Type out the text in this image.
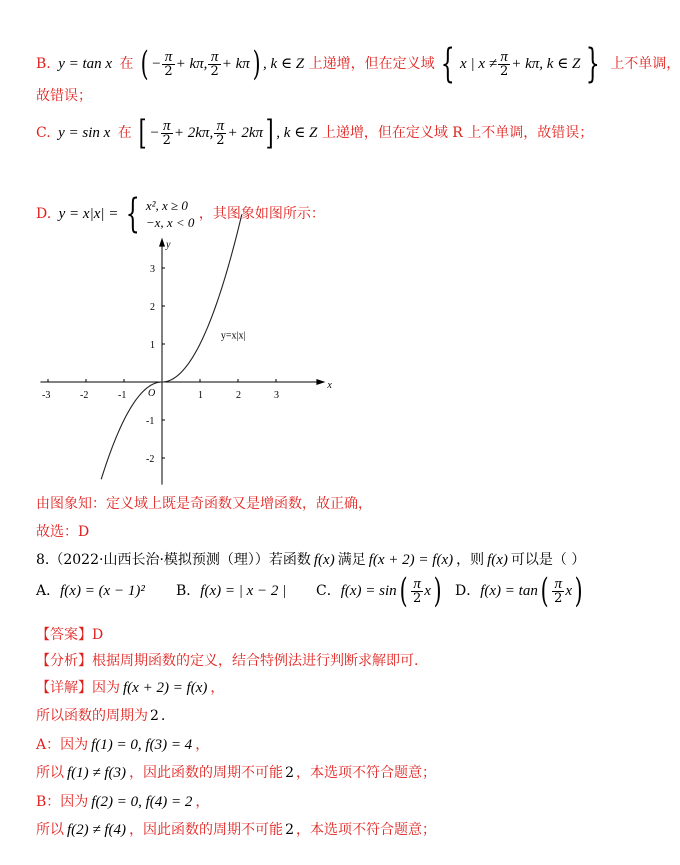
B. y = tan x 在 ( − $\frac{\pi}{2} + k\pi$, $\frac{\pi}{2} + k\pi$) , k ∈ Z 上递增，但在定义域 { x | $x \ne \frac{\pi}{2} + k\pi$, k ∈ Z } 上不单调，
故错误；
C. y = sin x 在 [ − $\frac{\pi}{2} + 2k\pi$, $\frac{\pi}{2} + 2k\pi$] , k ∈ Z 上递增，但在定义域 R 上不单调，故错误；
D. y = x|x| = { x², x ≥ 0
−x, x < 0
，其图象如图所示：
-3	-2	-1	1	2	3
3
2
1
-1
-2
x
y
O
y=x|x|
由图象知：定义域上既是奇函数又是增函数，故正确，
故选：D
8.（2022·山西长治·模拟预测（理））若函数 f(x) 满足 f(x + 2) = f(x) ，则 f(x) 可以是（ ）
A．f(x) = (x − 1)² B．f(x) = | x − 2 | C．$f(x) = \sin( \frac{\pi}{2} x)$ D．$f(x) = \tan( \frac{\pi}{2} x)$
【答案】D
【分析】根据周期函数的定义，结合特例法进行判断求解即可.
【详解】因为 f(x + 2) = f(x) ，
所以函数的周期为 2 .
A：因为 f(1) = 0, f(3) = 4 ，
所以 f(1) ≠ f(3) ，因此函数的周期不可能 2 ，本选项不符合题意；
B：因为 f(2) = 0, f(4) = 2 ，
所以 f(2) ≠ f(4) ，因此函数的周期不可能 2 ，本选项不符合题意；
